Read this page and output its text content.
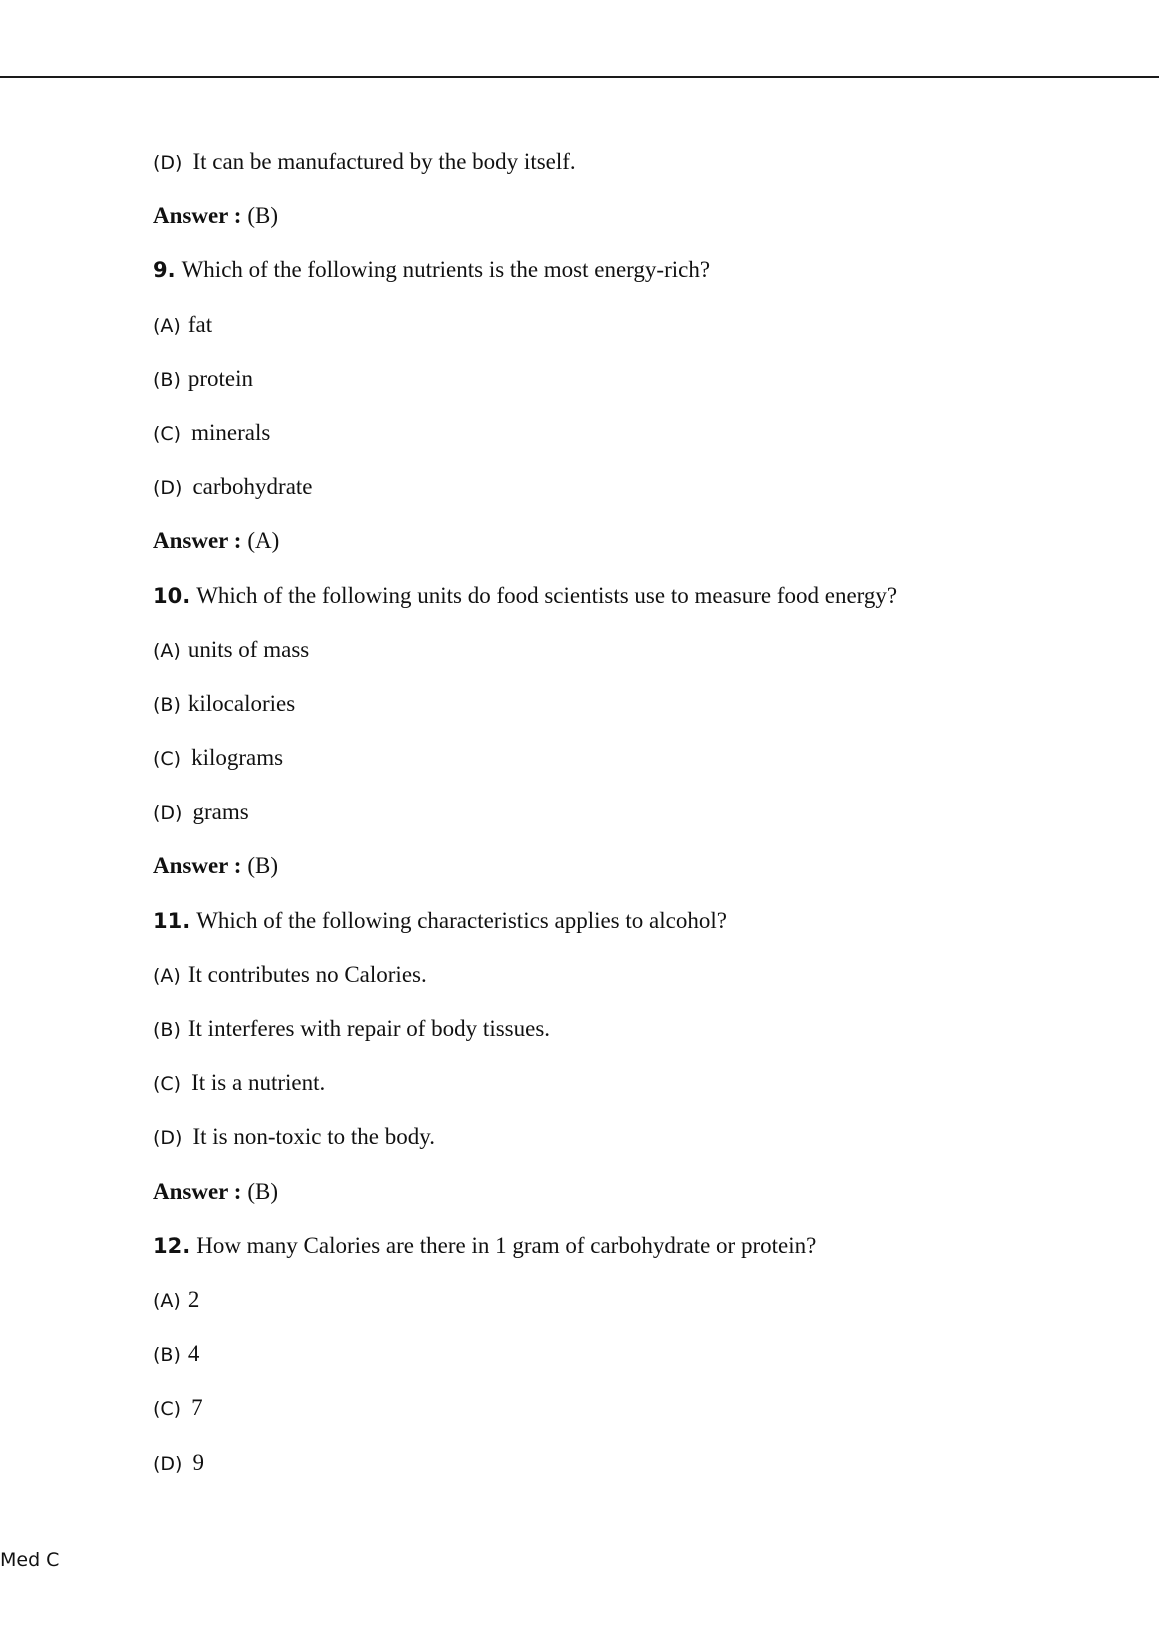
(D) It can be manufactured by the body itself.
Answer : (B)
9. Which of the following nutrients is the most energy-rich?
(A) fat
(B) protein
(C) minerals
(D) carbohydrate
Answer : (A)
10. Which of the following units do food scientists use to measure food energy?
(A) units of mass
(B) kilocalories
(C) kilograms
(D) grams
Answer : (B)
11. Which of the following characteristics applies to alcohol?
(A) It contributes no Calories.
(B) It interferes with repair of body tissues.
(C) It is a nutrient.
(D) It is non-toxic to the body.
Answer : (B)
12. How many Calories are there in 1 gram of carbohydrate or protein?
(A) 2
(B) 4
(C) 7
(D) 9
Med C
